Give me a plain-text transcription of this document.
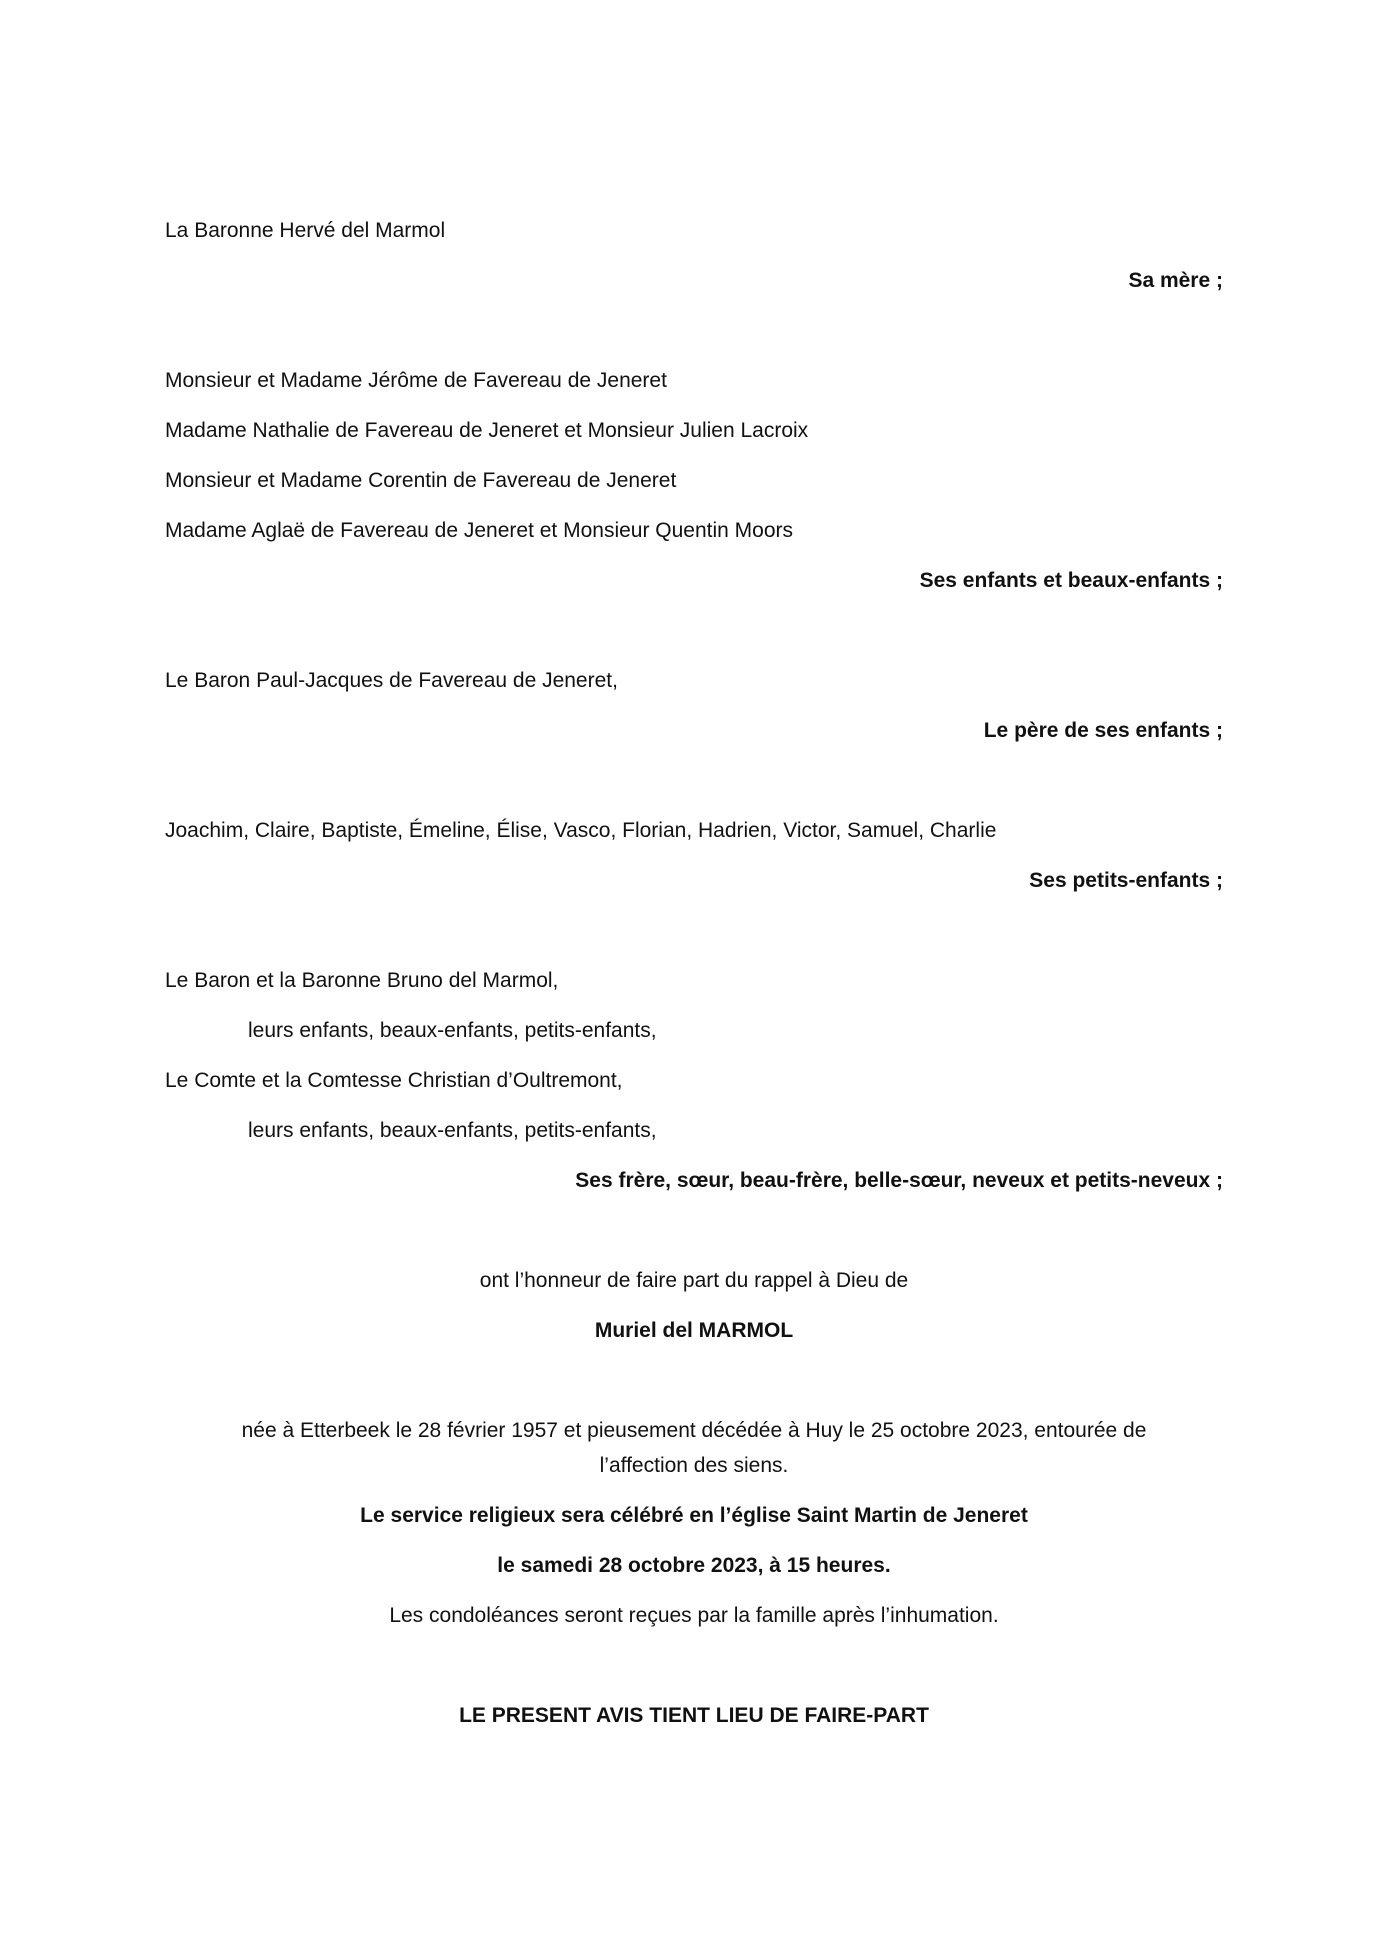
La Baronne Hervé del Marmol
Sa mère ;
Monsieur et Madame Jérôme de Favereau de Jeneret
Madame Nathalie de Favereau de Jeneret et Monsieur Julien Lacroix
Monsieur et Madame Corentin de Favereau de Jeneret
Madame Aglaë de Favereau de Jeneret et Monsieur Quentin Moors
Ses enfants et beaux-enfants ;
Le Baron Paul-Jacques de Favereau de Jeneret,
Le père de ses enfants ;
Joachim, Claire, Baptiste, Émeline, Élise, Vasco, Florian, Hadrien, Victor, Samuel, Charlie
Ses petits-enfants ;
Le Baron et la Baronne Bruno del Marmol,
leurs enfants, beaux-enfants, petits-enfants,
Le Comte et la Comtesse Christian d’Oultremont,
leurs enfants, beaux-enfants, petits-enfants,
Ses frère, sœur, beau-frère, belle-sœur, neveux et petits-neveux ;
ont l’honneur de faire part du rappel à Dieu de
Muriel del MARMOL
née à Etterbeek le 28 février 1957 et pieusement décédée à Huy le 25 octobre 2023, entourée de
l’affection des siens.
Le service religieux sera célébré en l’église Saint Martin de Jeneret
le samedi 28 octobre 2023, à 15 heures.
Les condoléances seront reçues par la famille après l’inhumation.
LE PRESENT AVIS TIENT LIEU DE FAIRE-PART
